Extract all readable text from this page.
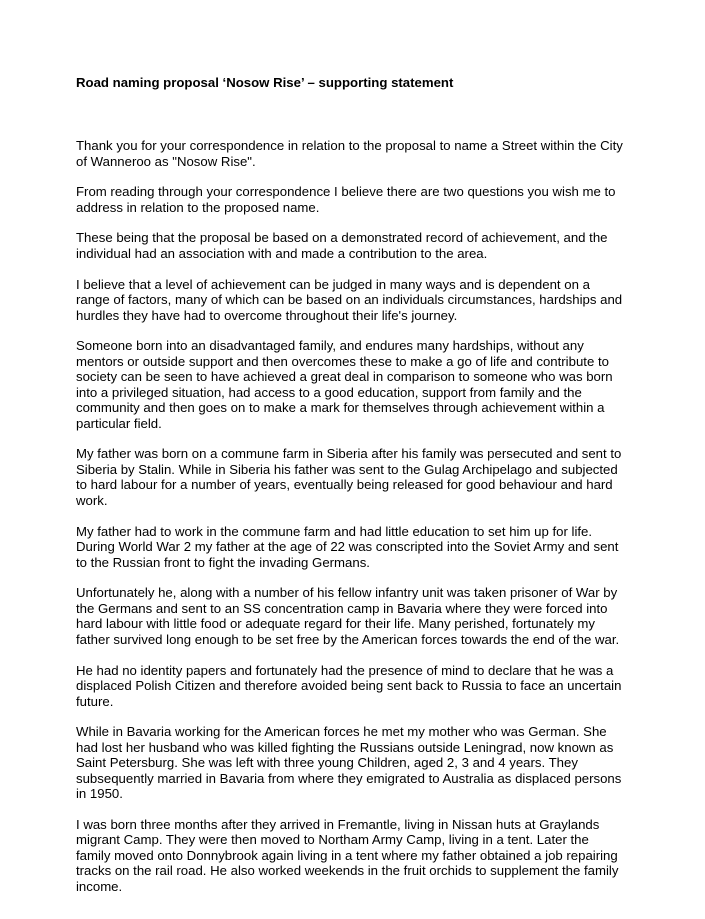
Road naming proposal ‘Nosow Rise’ – supporting statement

Thank you for your correspondence in relation to the proposal to name a Street within the City of Wanneroo as "Nosow Rise".

From reading through your correspondence I believe there are two questions you wish me to address in relation to the proposed name.

These being that the proposal be based on a demonstrated record of achievement, and the individual had an association with and made a contribution to the area.

I believe that a level of achievement can be judged in many ways and is dependent on a range of factors, many of which can be based on an individuals circumstances, hardships and hurdles they have had to overcome throughout their life's journey.

Someone born into an disadvantaged family, and endures many hardships, without any mentors or outside support and then overcomes these to make a go of life and contribute to society can be seen to have achieved a great deal in comparison to someone who was born into a privileged situation, had access to a good education, support from family and the community and then goes on to make a mark for themselves through achievement within a particular field.

My father was born on a commune farm in Siberia after his family was persecuted and sent to Siberia by Stalin. While in Siberia his father was sent to the Gulag Archipelago and subjected to hard labour for a number of years, eventually being released for good behaviour and hard work.

My father had to work in the commune farm and had little education to set him up for life. During World War 2 my father at the age of 22 was conscripted into the Soviet Army and sent to the Russian front to fight the invading Germans.

Unfortunately he, along with a number of his fellow infantry unit was taken prisoner of War by the Germans and sent to an SS concentration camp in Bavaria where they were forced into hard labour with little food or adequate regard for their life. Many perished, fortunately my father survived long enough to be set free by the American forces towards the end of the war.

He had no identity papers and fortunately had the presence of mind to declare that he was a displaced Polish Citizen and therefore avoided being sent back to Russia to face an uncertain future.

While in Bavaria working for the American forces he met my mother who was German. She had lost her husband who was killed fighting the Russians outside Leningrad, now known as Saint Petersburg. She was left with three young Children, aged 2, 3 and 4 years. They subsequently married in Bavaria from where they emigrated to Australia as displaced persons in 1950.

I was born three months after they arrived in Fremantle, living in Nissan huts at Graylands migrant Camp. They were then moved to Northam Army Camp, living in a tent. Later the family moved onto Donnybrook again living in a tent where my father obtained a job repairing tracks on the rail road. He also worked weekends in the fruit orchids to supplement the family income.
